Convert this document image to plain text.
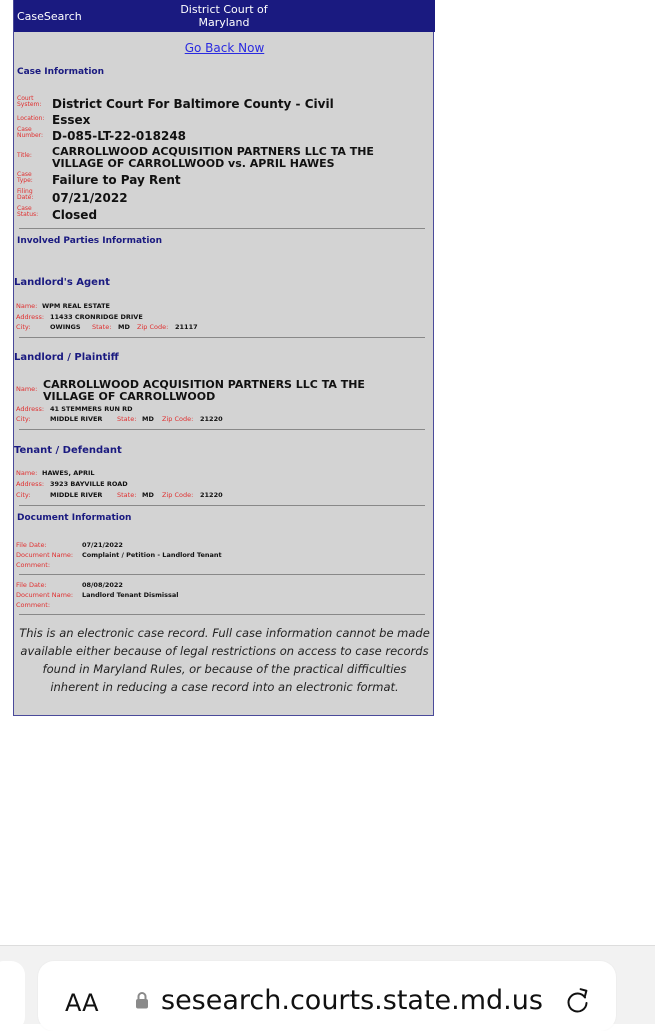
CaseSearch
District Court of
Maryland
Go Back Now
Case Information
Court
System: District Court For Baltimore County - Civil
Location: Essex
Case
Number: D-085-LT-22-018248
Title: CARROLLWOOD ACQUISITION PARTNERS LLC TA THE
VILLAGE OF CARROLLWOOD vs. APRIL HAWES
Case
Type: Failure to Pay Rent
Filing
Date: 07/21/2022
Case
Status: Closed
Involved Parties Information
Landlord's Agent
Name: WPM REAL ESTATE
Address: 11433 CRONRIDGE DRIVE
City:	OWINGS State: MD Zip Code: 21117
Landlord / Plaintiff
Name: CARROLLWOOD ACQUISITION PARTNERS LLC TA THE
VILLAGE OF CARROLLWOOD
Address: 41 STEMMERS RUN RD
City:	MIDDLE RIVER State: MD Zip Code: 21220
Tenant / Defendant
Name: HAWES, APRIL
Address: 3923 BAYVILLE ROAD
City:	MIDDLE RIVER State: MD Zip Code: 21220
Document Information
File Date:	07/21/2022
Document Name: Complaint / Petition - Landlord Tenant
Comment:
File Date:	08/08/2022
Document Name: Landlord Tenant Dismissal
Comment:
This is an electronic case record. Full case information cannot be made available either because of legal restrictions on access to case records found in Maryland Rules, or because of the practical difficulties inherent in reducing a case record into an electronic format.
AA sesearch.courts.state.md.us
